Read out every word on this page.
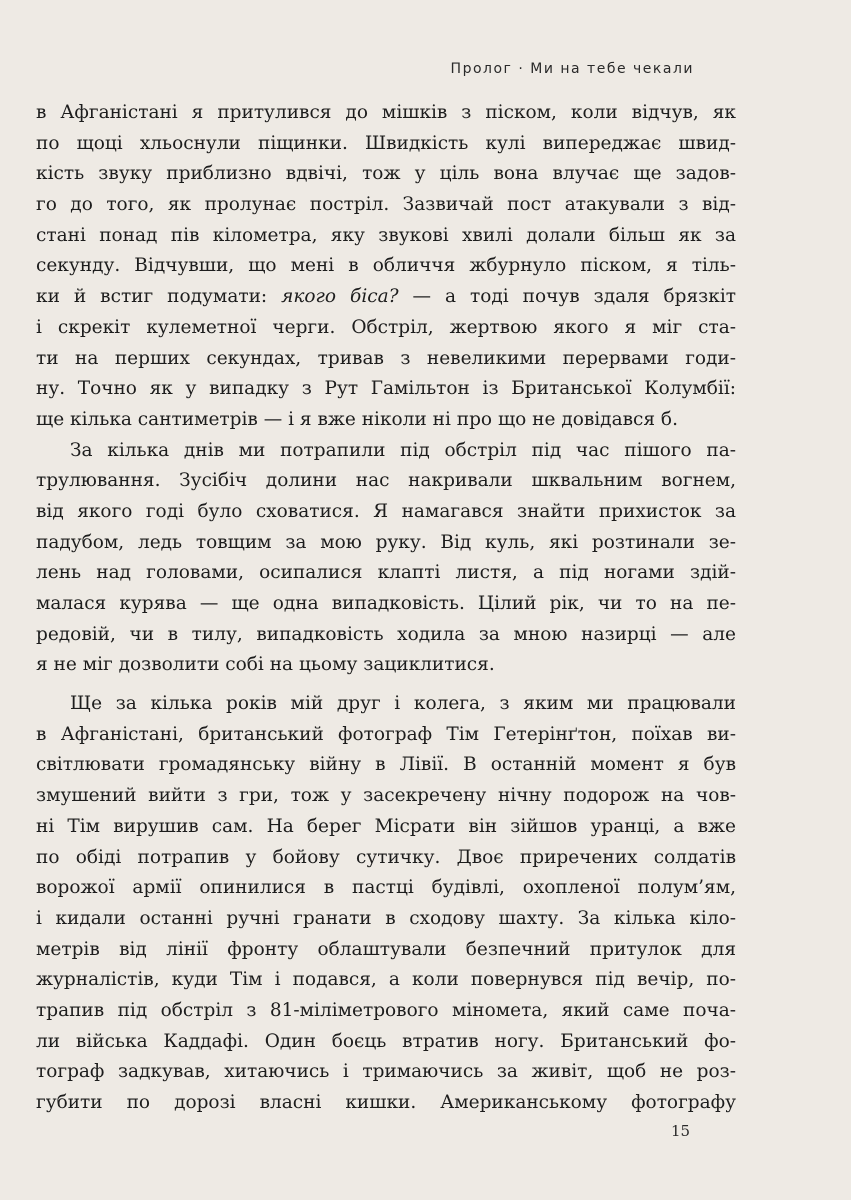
Пролог · Ми на тебе чекали
в Афганістані я притулився до мішків з піском, коли відчув, як
по щоці хльоснули піщинки. Швидкість кулі випереджає швид-
кість звуку приблизно вдвічі, тож у ціль вона влучає ще задов-
го до того, як пролунає постріл. Зазвичай пост атакували з від-
стані понад пів кілометра, яку звукові хвилі долали більш як за
секунду. Відчувши, що мені в обличчя жбурнуло піском, я тіль-
ки й встиг подумати: якого біса? — а тоді почув здаля брязкіт
і скрекіт кулеметної черги. Обстріл, жертвою якого я міг ста-
ти на перших секундах, тривав з невеликими перервами годи-
ну. Точно як у випадку з Рут Гамільтон із Британської Колумбії:
ще кілька сантиметрів — і я вже ніколи ні про що не довідався б.
За кілька днів ми потрапили під обстріл під час пішого па-
трулювання. Зусібіч долини нас накривали шквальним вогнем,
від якого годі було сховатися. Я намагався знайти прихисток за
падубом, ледь товщим за мою руку. Від куль, які розтинали зе-
лень над головами, осипалися клапті листя, а під ногами здій-
малася курява — ще одна випадковість. Цілий рік, чи то на пе-
редовій, чи в тилу, випадковість ходила за мною назирці — але
я не міг дозволити собі на цьому зациклитися.
Ще за кілька років мій друг і колега, з яким ми працювали
в Афганістані, британський фотограф Тім Гетерінґтон, поїхав ви-
світлювати громадянську війну в Лівії. В останній момент я був
змушений вийти з гри, тож у засекречену нічну подорож на чов-
ні Тім вирушив сам. На берег Місрати він зійшов уранці, а вже
по обіді потрапив у бойову сутичку. Двоє приречених солдатів
ворожої армії опинилися в пастці будівлі, охопленої полум’ям,
і кидали останні ручні гранати в сходову шахту. За кілька кіло-
метрів від лінії фронту облаштували безпечний притулок для
журналістів, куди Тім і подався, а коли повернувся під вечір, по-
трапив під обстріл з 81-міліметрового мінометa, який саме поча-
ли війська Каддафі. Один боєць втратив ногу. Британський фо-
тограф задкував, хитаючись і тримаючись за живіт, щоб не роз-
губити по дорозі власні кишки. Американському фотографу
15
